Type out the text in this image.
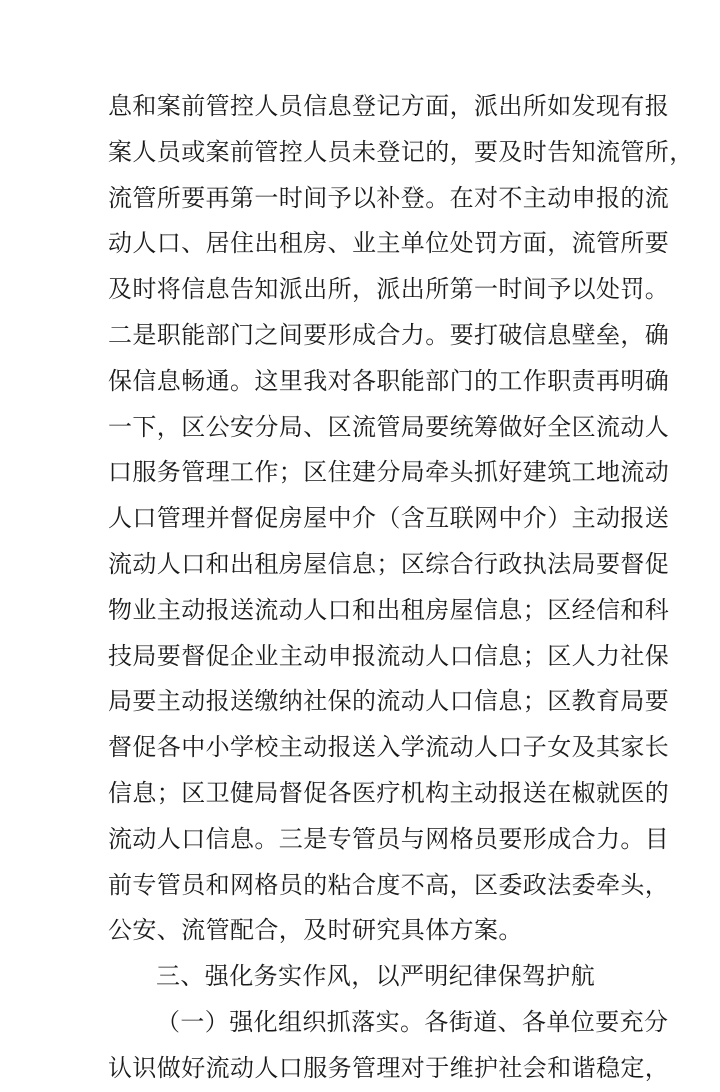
息和案前管控人员信息登记方面，派出所如发现有报
案人员或案前管控人员未登记的，要及时告知流管所，
流管所要再第一时间予以补登。在对不主动申报的流
动人口、居住出租房、业主单位处罚方面，流管所要
及时将信息告知派出所，派出所第一时间予以处罚。
二是职能部门之间要形成合力。要打破信息壁垒，确
保信息畅通。这里我对各职能部门的工作职责再明确
一下，区公安分局、区流管局要统筹做好全区流动人
口服务管理工作；区住建分局牵头抓好建筑工地流动
人口管理并督促房屋中介（含互联网中介）主动报送
流动人口和出租房屋信息；区综合行政执法局要督促
物业主动报送流动人口和出租房屋信息；区经信和科
技局要督促企业主动申报流动人口信息；区人力社保
局要主动报送缴纳社保的流动人口信息；区教育局要
督促各中小学校主动报送入学流动人口子女及其家长
信息；区卫健局督促各医疗机构主动报送在椒就医的
流动人口信息。三是专管员与网格员要形成合力。目
前专管员和网格员的粘合度不高，区委政法委牵头，
公安、流管配合，及时研究具体方案。
三、强化务实作风，以严明纪律保驾护航
（一）强化组织抓落实。各街道、各单位要充分
认识做好流动人口服务管理对于维护社会和谐稳定，
